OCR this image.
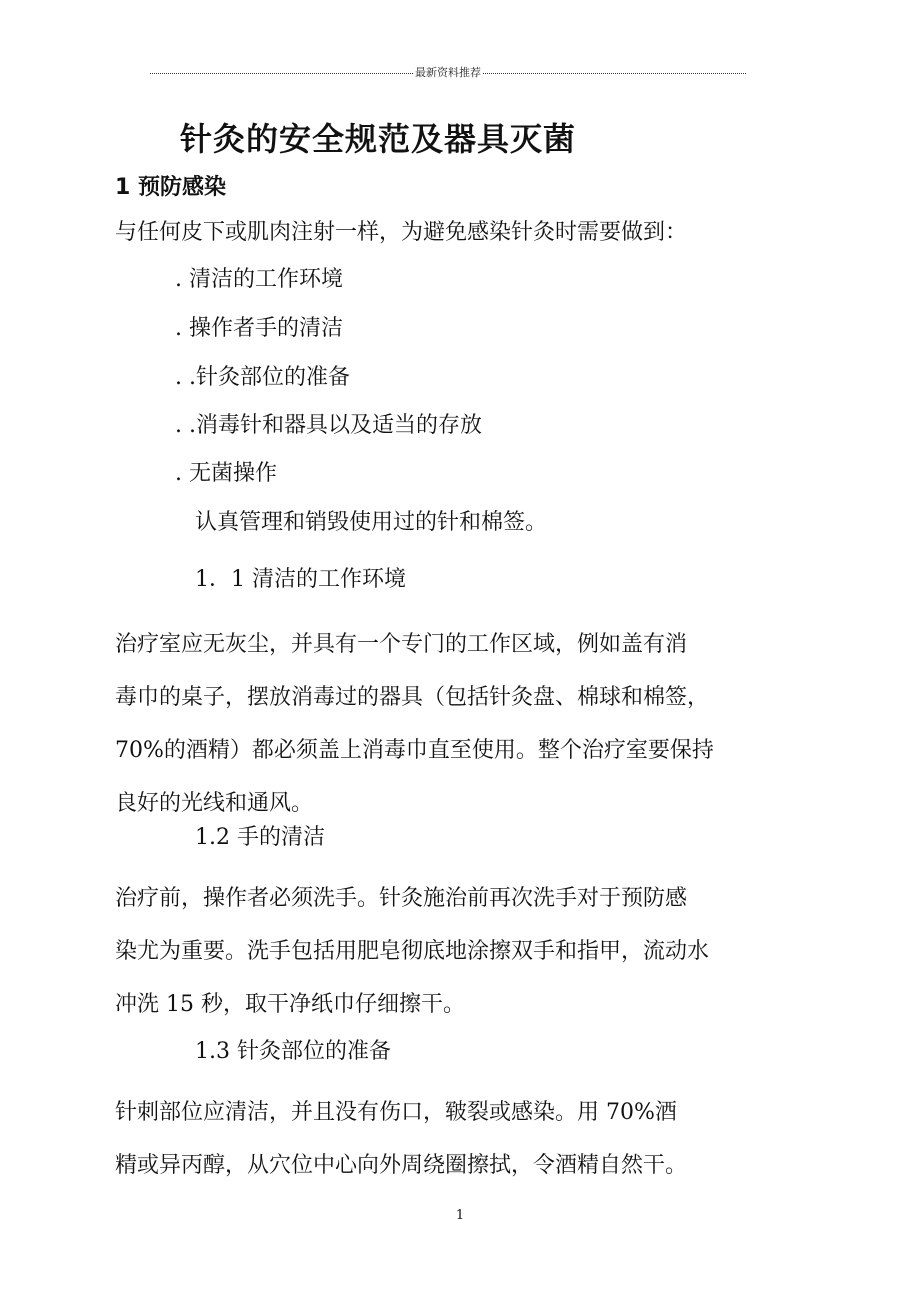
最新资料推荐
针灸的安全规范及器具灭菌
1 预防感染
与任何皮下或肌肉注射一样，为避免感染针灸时需要做到：
. 清洁的工作环境
. 操作者手的清洁
. .针灸部位的准备
. .消毒针和器具以及适当的存放
. 无菌操作
认真管理和销毁使用过的针和棉签。
1．1 清洁的工作环境
治疗室应无灰尘，并具有一个专门的工作区域，例如盖有消
毒巾的桌子，摆放消毒过的器具（包括针灸盘、棉球和棉签，
70%的酒精）都必须盖上消毒巾直至使用。整个治疗室要保持
良好的光线和通风。
1.2 手的清洁
治疗前，操作者必须洗手。针灸施治前再次洗手对于预防感
染尤为重要。洗手包括用肥皂彻底地涂擦双手和指甲，流动水
冲洗 15 秒，取干净纸巾仔细擦干。
1.3 针灸部位的准备
针刺部位应清洁，并且没有伤口，皲裂或感染。用 70%酒
精或异丙醇，从穴位中心向外周绕圈擦拭，令酒精自然干。
1
